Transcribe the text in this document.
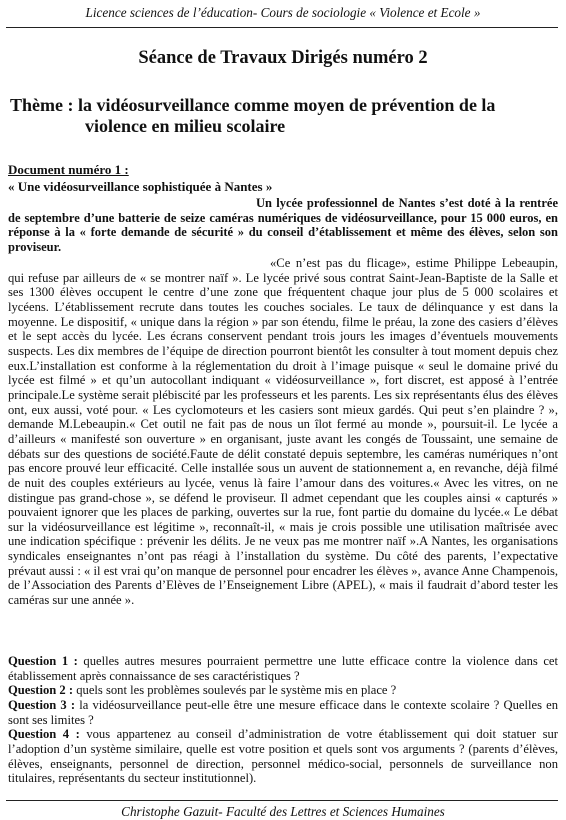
Licence sciences de l’éducation- Cours de sociologie « Violence et Ecole »
Séance de Travaux Dirigés numéro 2
Thème : la vidéosurveillance comme moyen de prévention de la
violence en milieu scolaire
Document numéro 1 :
« Une vidéosurveillance sophistiquée à Nantes »
Un lycée professionnel de Nantes s’est doté à la rentrée de septembre d’une batterie de seize caméras numériques de vidéosurveillance, pour 15 000 euros, en réponse à la « forte demande de sécurité » du conseil d’établissement et même des élèves, selon son proviseur.
«Ce n’est pas du flicage», estime Philippe Lebeaupin, qui refuse par ailleurs de « se montrer naïf ». Le lycée privé sous contrat Saint-Jean-Baptiste de la Salle et ses 1300 élèves occupent le centre d’une zone que fréquentent chaque jour plus de 5 000 scolaires et lycéens. L’établissement recrute dans toutes les couches sociales. Le taux de délinquance y est dans la moyenne. Le dispositif, « unique dans la région » par son étendu, filme le préau, la zone des casiers d’élèves et le sept accès du lycée. Les écrans conservent pendant trois jours les images d’éventuels mouvements suspects. Les dix membres de l’équipe de direction pourront bientôt les consulter à tout moment depuis chez eux.L’installation est conforme à la réglementation du droit à l’image puisque « seul le domaine privé du lycée est filmé » et qu’un autocollant indiquant « vidéosurveillance », fort discret, est apposé à l’entrée principale.Le système serait plébiscité par les professeurs et les parents. Les six représentants élus des élèves ont, eux aussi, voté pour. « Les cyclomoteurs et les casiers sont mieux gardés. Qui peut s’en plaindre ? », demande M.Lebeaupin.« Cet outil ne fait pas de nous un îlot fermé au monde », poursuit-il. Le lycée a d’ailleurs « manifesté son ouverture » en organisant, juste avant les congés de Toussaint, une semaine de débats sur des questions de société.Faute de délit constaté depuis septembre, les caméras numériques n’ont pas encore prouvé leur efficacité. Celle installée sous un auvent de stationnement a, en revanche, déjà filmé de nuit des couples extérieurs au lycée, venus là faire l’amour dans des voitures.« Avec les vitres, on ne distingue pas grand-chose », se défend le proviseur. Il admet cependant que les couples ainsi « capturés » pouvaient ignorer que les places de parking, ouvertes sur la rue, font partie du domaine du lycée.« Le débat sur la vidéosurveillance est légitime », reconnaît-il, « mais je crois possible une utilisation maîtrisée avec une indication spécifique : prévenir les délits. Je ne veux pas me montrer naïf ».A Nantes, les organisations syndicales enseignantes n’ont pas réagi à l’installation du système. Du côté des parents, l’expectative prévaut aussi : « il est vrai qu’on manque de personnel pour encadrer les élèves », avance Anne Champenois, de l’Association des Parents d’Elèves de l’Enseignement Libre (APEL), « mais il faudrait d’abord tester les caméras sur une année ».

Question 1 : quelles autres mesures pourraient permettre une lutte efficace contre la violence dans cet établissement après connaissance de ses caractéristiques ?

Question 2 : quels sont les problèmes soulevés par le système mis en place ?

Question 3 : la vidéosurveillance peut-elle être une mesure efficace dans le contexte scolaire ? Quelles en sont ses limites ?

Question 4 : vous appartenez au conseil d’administration de votre établissement qui doit statuer sur l’adoption d’un système similaire, quelle est votre position et quels sont vos arguments ? (parents d’élèves, élèves, enseignants, personnel de direction, personnel médico-social, personnels de surveillance non titulaires, représentants du secteur institutionnel).

Christophe Gazuit- Faculté des Lettres et Sciences Humaines
